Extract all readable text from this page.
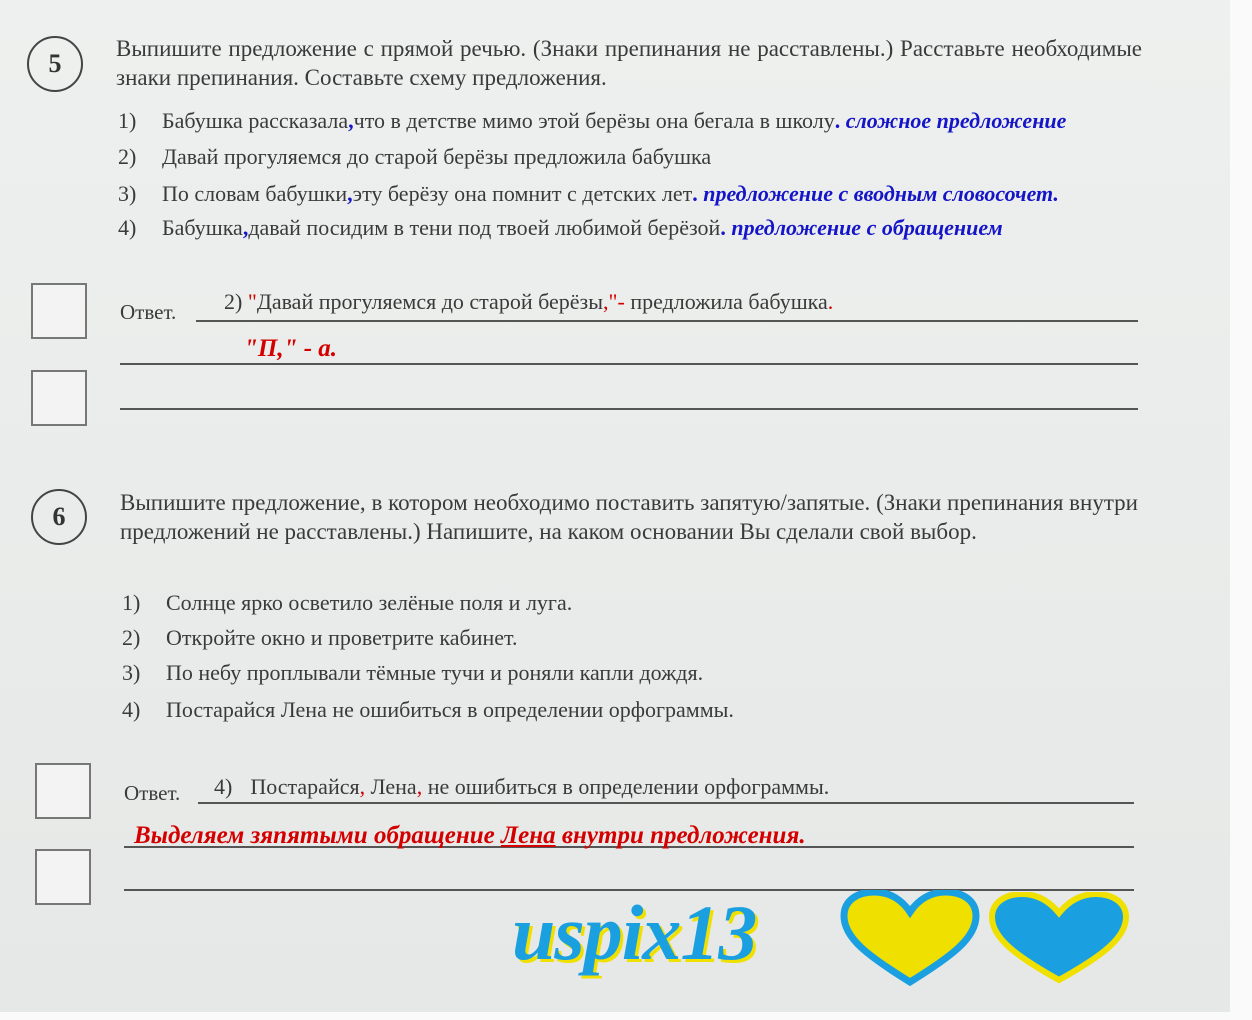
5
Выпишите предложение с прямой речью. (Знаки препинания не расставлены.) Расставьте необходимые знаки препинания. Составьте схему предложения.
1) Бабушка рассказала,что в детстве мимо этой берёзы она бегала в школу. сложное предложение
2) Давай прогуляемся до старой берёзы предложила бабушка
3) По словам бабушки,эту берёзу она помнит с детских лет. предложение с вводным словосочет.
4) Бабушка,давай посидим в тени под твоей любимой берёзой. предложение с обращением
Ответ. 2) "Давай прогуляемся до старой берёзы,"- предложила бабушка.
"П," - а.
6	Выпишите предложение, в котором необходимо поставить запятую/запятые. (Знаки препинания внутри предложений не расставлены.) Напишите, на каком основании Вы сделали свой выбор.
1) Солнце ярко осветило зелёные поля и луга.
2) Откройте окно и проветрите кабинет.
3) По небу проплывали тёмные тучи и роняли капли дождя.
4) Постарайся Лена не ошибиться в определении орфограммы.
Ответ. 4) Постарайся, Лена, не ошибиться в определении орфограммы.
Выделяем зяпятыми обращение Лена внутри предложения.
uspix13
